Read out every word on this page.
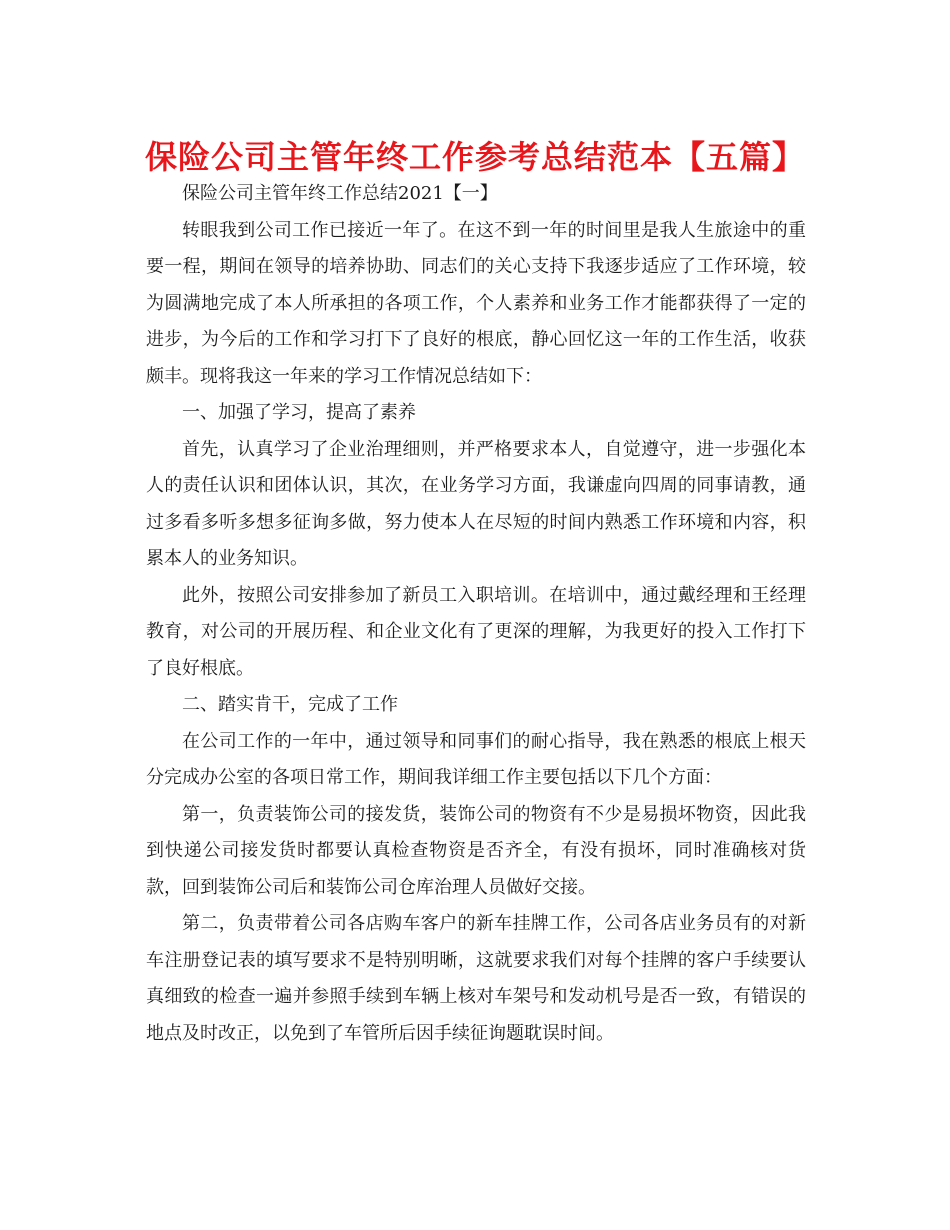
保险公司主管年终工作参考总结范本【五篇】

保险公司主管年终工作总结2021【一】

转眼我到公司工作已接近一年了。在这不到一年的时间里是我人生旅途中的重要一程，期间在领导的培养协助、同志们的关心支持下我逐步适应了工作环境，较为圆满地完成了本人所承担的各项工作，个人素养和业务工作才能都获得了一定的进步，为今后的工作和学习打下了良好的根底，静心回忆这一年的工作生活，收获颇丰。现将我这一年来的学习工作情况总结如下：

一、加强了学习，提高了素养

首先，认真学习了企业治理细则，并严格要求本人，自觉遵守，进一步强化本人的责任认识和团体认识，其次，在业务学习方面，我谦虚向四周的同事请教，通过多看多听多想多征询多做，努力使本人在尽短的时间内熟悉工作环境和内容，积累本人的业务知识。

此外，按照公司安排参加了新员工入职培训。在培训中，通过戴经理和王经理教育，对公司的开展历程、和企业文化有了更深的理解，为我更好的投入工作打下了良好根底。

二、踏实肯干，完成了工作

在公司工作的一年中，通过领导和同事们的耐心指导，我在熟悉的根底上根天分完成办公室的各项日常工作，期间我详细工作主要包括以下几个方面：

第一，负责装饰公司的接发货，装饰公司的物资有不少是易损坏物资，因此我到快递公司接发货时都要认真检查物资是否齐全，有没有损坏，同时准确核对货款，回到装饰公司后和装饰公司仓库治理人员做好交接。

第二，负责带着公司各店购车客户的新车挂牌工作，公司各店业务员有的对新车注册登记表的填写要求不是特别明晰，这就要求我们对每个挂牌的客户手续要认真细致的检查一遍并参照手续到车辆上核对车架号和发动机号是否一致，有错误的地点及时改正，以免到了车管所后因手续征询题耽误时间。
